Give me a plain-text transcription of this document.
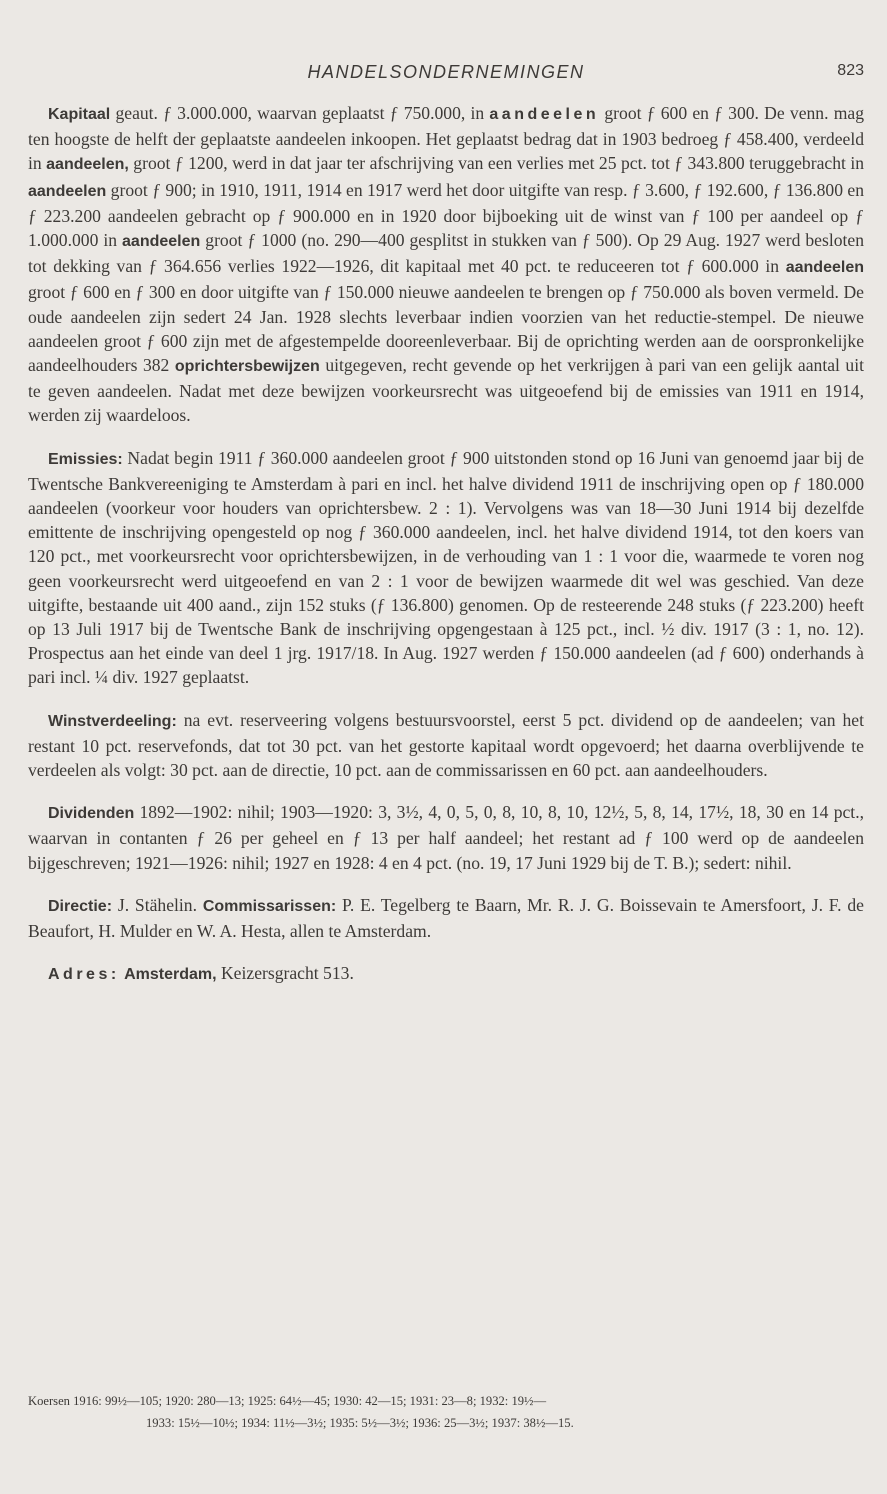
HANDELSONDERNEMINGEN	823

Kapitaal geaut. ƒ 3.000.000, waarvan geplaatst ƒ 750.000, in aandeelen groot ƒ 600 en ƒ 300. De venn. mag ten hoogste de helft der geplaatste aandeelen inkoopen. Het geplaatst bedrag dat in 1903 bedroeg ƒ 458.400, verdeeld in aandeelen, groot ƒ 1200, werd in dat jaar ter afschrijving van een verlies met 25 pct. tot ƒ 343.800 teruggebracht in aandeelen groot ƒ 900; in 1910, 1911, 1914 en 1917 werd het door uitgifte van resp. ƒ 3.600, ƒ 192.600, ƒ 136.800 en ƒ 223.200 aandeelen gebracht op ƒ 900.000 en in 1920 door bijboeking uit de winst van ƒ 100 per aandeel op ƒ 1.000.000 in aandeelen groot ƒ 1000 (no. 290—400 gesplitst in stukken van ƒ 500). Op 29 Aug. 1927 werd besloten tot dekking van ƒ 364.656 verlies 1922—1926, dit kapitaal met 40 pct. te reduceeren tot ƒ 600.000 in aandeelen groot ƒ 600 en ƒ 300 en door uitgifte van ƒ 150.000 nieuwe aandeelen te brengen op ƒ 750.000 als boven vermeld. De oude aandeelen zijn sedert 24 Jan. 1928 slechts leverbaar indien voorzien van het reductie-stempel. De nieuwe aandeelen groot ƒ 600 zijn met de afgestempelde dooreenleverbaar. Bij de oprichting werden aan de oorspronkelijke aandeelhouders 382 oprichtersbewijzen uitgegeven, recht gevende op het verkrijgen à pari van een gelijk aantal uit te geven aandeelen. Nadat met deze bewijzen voorkeursrecht was uitgeoefend bij de emissies van 1911 en 1914, werden zij waardeloos.

Emissies: Nadat begin 1911 ƒ 360.000 aandeelen groot ƒ 900 uitstonden stond op 16 Juni van genoemd jaar bij de Twentsche Bankvereeniging te Amsterdam à pari en incl. het halve dividend 1911 de inschrijving open op ƒ 180.000 aandeelen (voorkeur voor houders van oprichtersbew. 2 : 1). Vervolgens was van 18—30 Juni 1914 bij dezelfde emittente de inschrijving opengesteld op nog ƒ 360.000 aandeelen, incl. het halve dividend 1914, tot den koers van 120 pct., met voorkeursrecht voor oprichtersbewijzen, in de verhouding van 1 : 1 voor die, waarmede te voren nog geen voorkeursrecht werd uitgeoefend en van 2 : 1 voor de bewijzen waarmede dit wel was geschied. Van deze uitgifte, bestaande uit 400 aand., zijn 152 stuks (ƒ 136.800) genomen. Op de resteerende 248 stuks (ƒ 223.200) heeft op 13 Juli 1917 bij de Twentsche Bank de inschrijving opgengestaan à 125 pct., incl. ½ div. 1917 (3 : 1, no. 12). Prospectus aan het einde van deel 1 jrg. 1917/18. In Aug. 1927 werden ƒ 150.000 aandeelen (ad ƒ 600) onderhands à pari incl. ¼ div. 1927 geplaatst.

Winstverdeeling: na evt. reserveering volgens bestuursvoorstel, eerst 5 pct. dividend op de aandeelen; van het restant 10 pct. reservefonds, dat tot 30 pct. van het gestorte kapitaal wordt opgevoerd; het daarna overblijvende te verdeelen als volgt: 30 pct. aan de directie, 10 pct. aan de commissarissen en 60 pct. aan aandeelhouders.

Dividenden 1892—1902: nihil; 1903—1920: 3, 3½, 4, 0, 5, 0, 8, 10, 8, 10, 12½, 5, 8, 14, 17½, 18, 30 en 14 pct., waarvan in contanten ƒ 26 per geheel en ƒ 13 per half aandeel; het restant ad ƒ 100 werd op de aandeelen bijgeschreven; 1921—1926: nihil; 1927 en 1928: 4 en 4 pct. (no. 19, 17 Juni 1929 bij de T. B.); sedert: nihil.

Directie: J. Stähelin. Commissarissen: P. E. Tegelberg te Baarn, Mr. R. J. G. Boissevain te Amersfoort, J. F. de Beaufort, H. Mulder en W. A. Hesta, allen te Amsterdam.

Adres: Amsterdam, Keizersgracht 513.

Koersen 1916: 99½—105; 1920: 280—13; 1925: 64½—45; 1930: 42—15; 1931: 23—8; 1932: 19½—
1933: 15½—10½; 1934: 11½—3½; 1935: 5½—3½; 1936: 25—3½; 1937: 38½—15.
